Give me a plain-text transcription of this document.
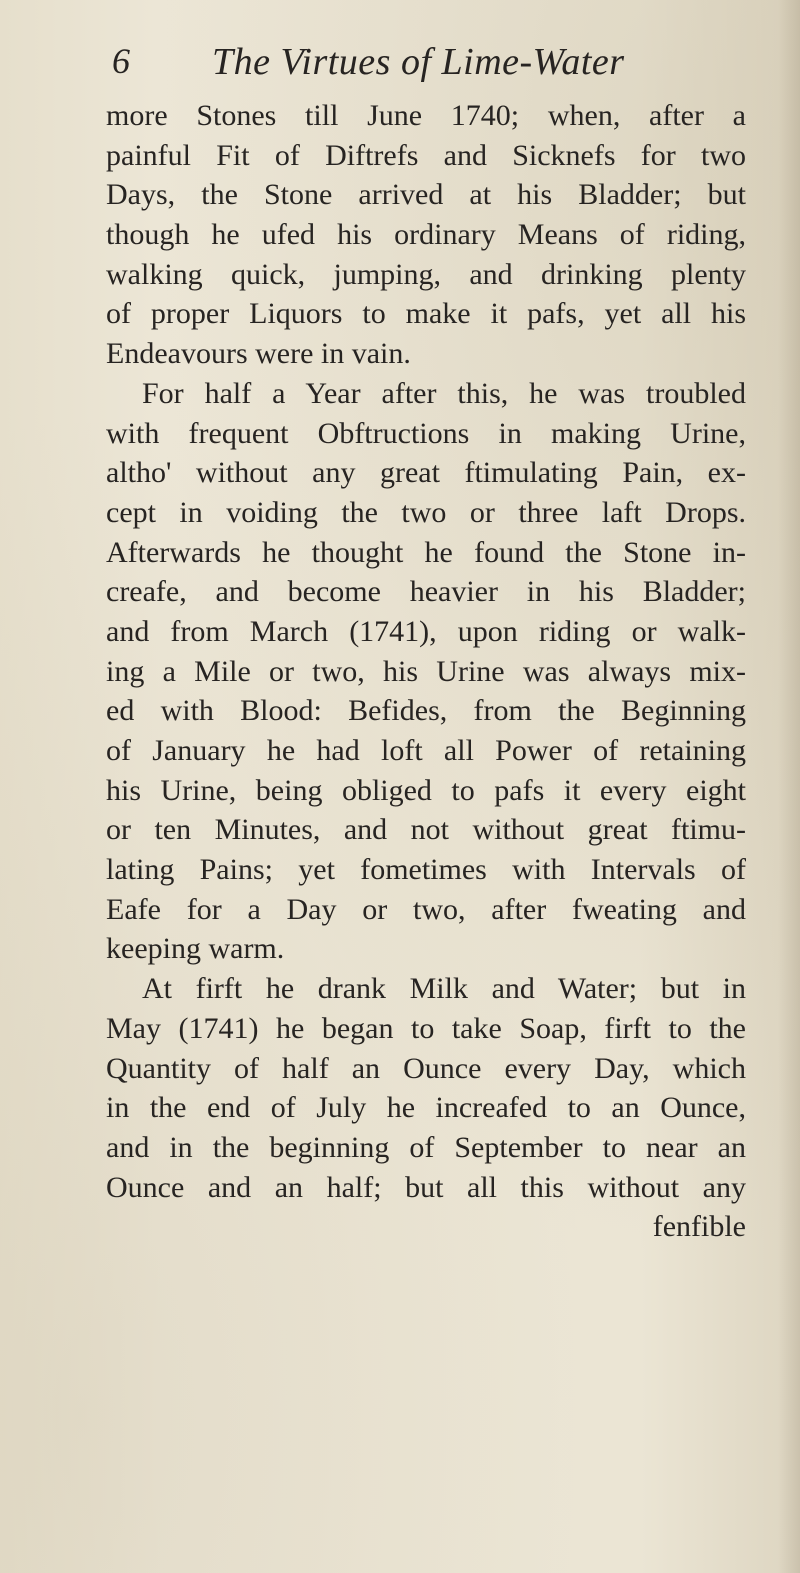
6 The Virtues of Lime-Water
more Stones till June 1740; when, after a
painful Fit of Diftrefs and Sicknefs for two
Days, the Stone arrived at his Bladder; but
though he ufed his ordinary Means of riding,
walking quick, jumping, and drinking plenty
of proper Liquors to make it pafs, yet all his
Endeavours were in vain.
For half a Year after this, he was troubled
with frequent Obftructions in making Urine,
altho' without any great ftimulating Pain, ex-
cept in voiding the two or three laft Drops.
Afterwards he thought he found the Stone in-
creafe, and become heavier in his Bladder;
and from March (1741), upon riding or walk-
ing a Mile or two, his Urine was always mix-
ed with Blood: Befides, from the Beginning
of January he had loft all Power of retaining
his Urine, being obliged to pafs it every eight
or ten Minutes, and not without great ftimu-
lating Pains; yet fometimes with Intervals of
Eafe for a Day or two, after fweating and
keeping warm.
At firft he drank Milk and Water; but in
May (1741) he began to take Soap, firft to the
Quantity of half an Ounce every Day, which
in the end of July he increafed to an Ounce,
and in the beginning of September to near an
Ounce and an half; but all this without any
fenfible
